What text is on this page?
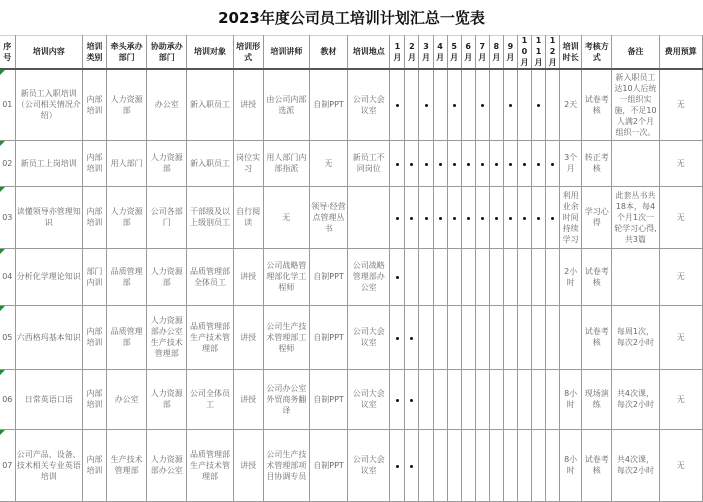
2023年度公司员工培训计划汇总一览表
序号	培训内容	培训类别	牵头承办部门	协助承办部门	培训对象	培训形式	培训讲师	教材	培训地点	1月	2月	3月	4月	5月	6月	7月	8月	9月	10月	11月	12月	培训时长	考核方式	备注	费用预算

01	新员工入职培训（公司相关情况介绍）	内部培训	人力资源部	办公室	新入职员工	讲授	由公司内部选派	自制PPT	公司大会议室													2天	试卷考核	新入职员工达10人后统一组织实施，不足10人满2个月组织一次。	无

02	新员工上岗培训	内部培训	用人部门	人力资源部	新入职员工	岗位实习	用人部门内部指派	无	新员工不同岗位													3个月	转正考核		无

03	读懂领导亦管理知识	内部培训	人力资源部	公司各部门	干部级及以上级别员工	自行阅读	无	领导·经营点管理丛书														利用业余时间持续学习	学习心得	此套丛书共18本，每4个月1次一轮学习心得,共3篇	无

04	分析化学理论知识	部门内训	品质管理部	人力资源部	品质管理部全体员工	讲授	公司战略管理部化学工程师	自制PPT	公司战略管理部办公室													2小时	试卷考核		无

05	六西格玛基本知识	内部培训	品质管理部	人力资源部办公室生产技术管理部	品质管理部生产技术管理部	讲授	公司生产技术管理部工程师	自制PPT	公司大会议室														试卷考核	每周1次，每次2小时	无

06	日常英语口语	内部培训	办公室	人力资源部	公司全体员工	讲授	公司办公室外贸商务翻译	自制PPT	公司大会议室													8小时	现场演练	共4次课，每次2小时	无

07	公司产品、设备、技术相关专业英语培训	内部培训	生产技术管理部	人力资源部办公室	品质管理部生产技术管理部	讲授	公司生产技术管理部项目协调专员	自制PPT	公司大会议室													8小时	试卷考核	共4次课，每次2小时	无
